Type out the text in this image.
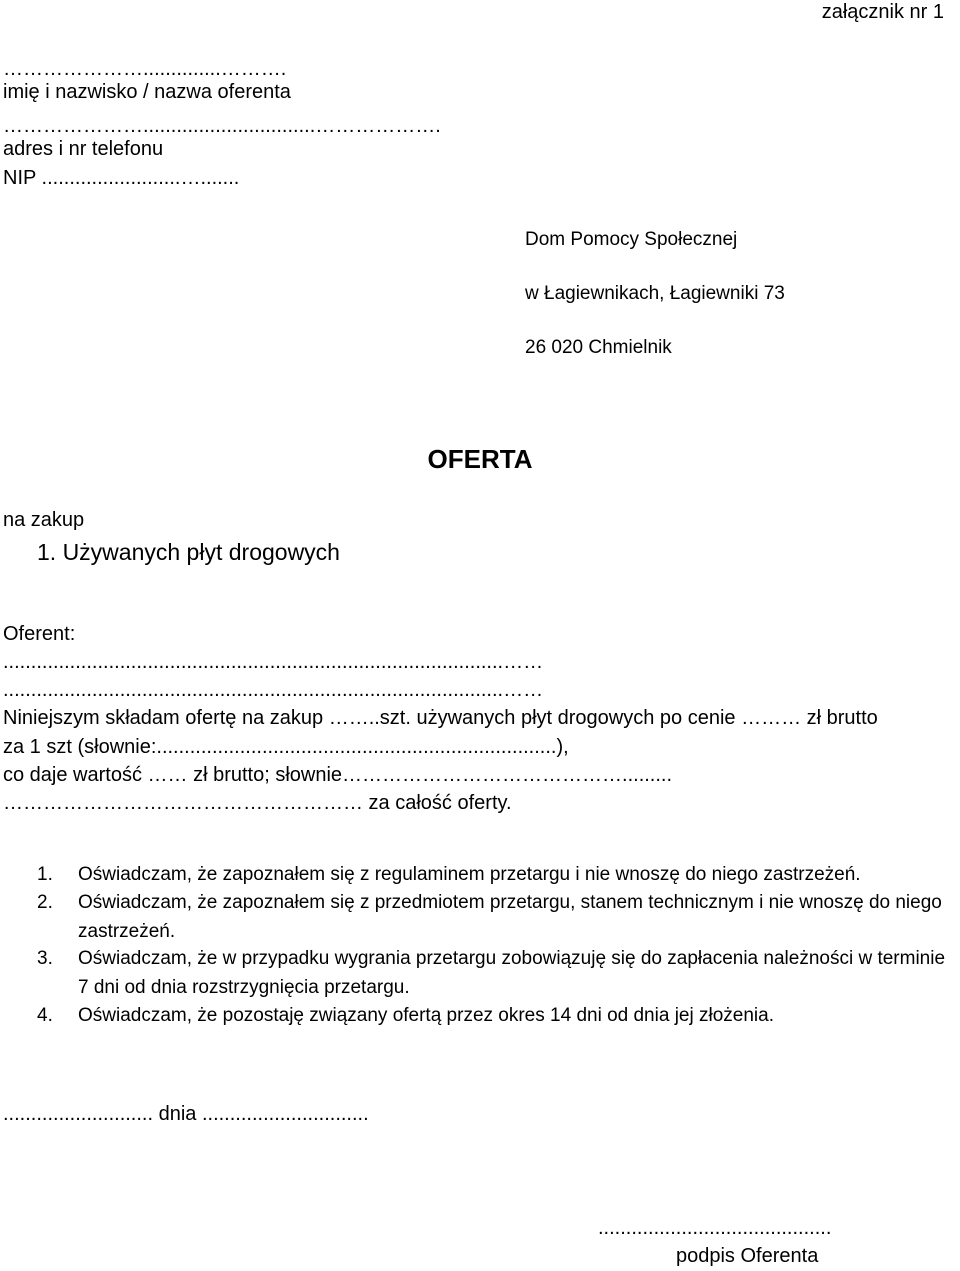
załącznik nr 1
…………………..............……….
imię i nazwisko / nazwa oferenta
…………………...............................……………….
adres i nr telefonu
NIP .........................….......
Dom Pomocy Społecznej
w Łagiewnikach, Łagiewniki 73
26 020 Chmielnik
OFERTA
na zakup
1. Używanych płyt drogowych
Oferent:
..........................................................................................……
..........................................................................................……
Niniejszym składam ofertę na zakup ……..szt. używanych płyt drogowych po cenie ……… zł brutto
za 1 szt (słownie:........................................................................),
co daje wartość …… zł brutto; słownie…………………………………….........
……………………………………………… za całość oferty.
1. Oświadczam, że zapoznałem się z regulaminem przetargu i nie wnoszę do niego zastrzeżeń.
2. Oświadczam, że zapoznałem się z przedmiotem przetargu, stanem technicznym i nie wnoszę do niego zastrzeżeń.
3. Oświadczam, że w przypadku wygrania przetargu zobowiązuję się do zapłacenia należności w terminie 7 dni od dnia rozstrzygnięcia przetargu.
4. Oświadczam, że pozostaję związany ofertą przez okres 14 dni od dnia jej złożenia.
........................... dnia ..............................
..........................................
podpis Oferenta
